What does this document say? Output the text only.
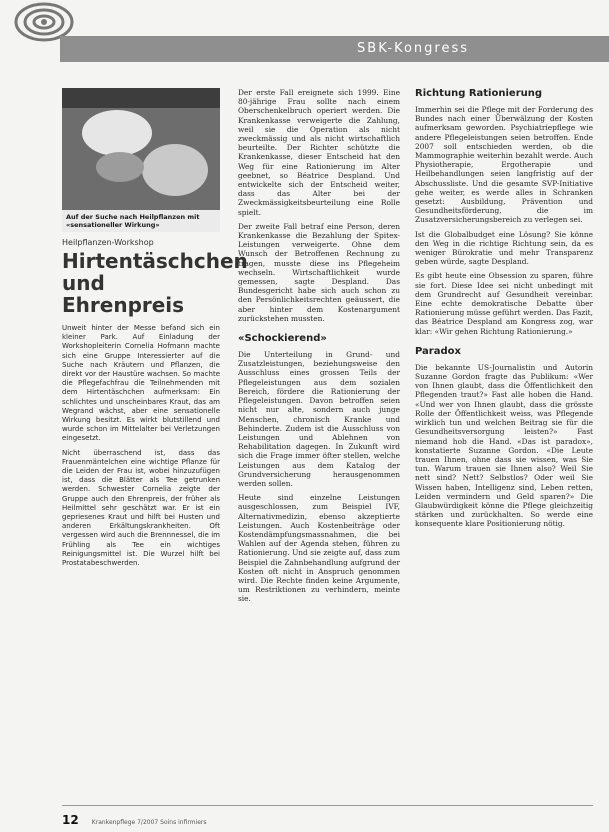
SBK-Kongress
Auf der Suche nach Heilpflanzen mit «sensationeller Wirkung»
Heilpflanzen-Workshop
Hirtentäschchen und Ehrenpreis

Unweit hinter der Messe befand sich ein kleiner Park. Auf Einladung der Workshopleiterin Cornelia Hofmann machte sich eine Gruppe Interessierter auf die Suche nach Kräutern und Pflanzen, die direkt vor der Haustüre wachsen. So machte die Pflegefachfrau die Teilnehmenden mit dem Hirtentäschchen aufmerksam: Ein schlichtes und unscheinbares Kraut, das am Wegrand wächst, aber eine sensationelle Wirkung besitzt. Es wirkt blutstillend und wurde schon im Mittelalter bei Verletzungen eingesetzt.

Nicht überraschend ist, dass das Frauenmäntelchen eine wichtige Pflanze für die Leiden der Frau ist, wobei hinzuzufügen ist, dass die Blätter als Tee getrunken werden. Schwester Cornelia zeigte der Gruppe auch den Ehrenpreis, der früher als Heilmittel sehr geschätzt war. Er ist ein gepriesenes Kraut und hilft bei Husten und anderen Erkältungskrankheiten. Oft vergessen wird auch die Brennnessel, die im Frühling als Tee ein wichtiges Reinigungsmittel ist. Die Wurzel hilft bei Prostatabeschwerden.

Der erste Fall ereignete sich 1999. Eine 80-jährige Frau sollte nach einem Oberschenkelbruch operiert werden. Die Krankenkasse verweigerte die Zahlung, weil sie die Operation als nicht zweckmässig und als nicht wirtschaftlich beurteilte. Der Richter schützte die Krankenkasse, dieser Entscheid hat den Weg für eine Rationierung im Alter geebnet, so Béatrice Despland. Und entwickelte sich der Entscheid weiter, dass das Alter bei der Zweckmässigkeitsbeurteilung eine Rolle spielt.

Der zweite Fall betraf eine Person, deren Krankenkasse die Bezahlung der Spitex-Leistungen verweigerte. Ohne dem Wunsch der Betroffenen Rechnung zu tragen, musste diese ins Pflegeheim wechseln. Wirtschaftlichkeit wurde gemessen, sagte Despland. Das Bundesgericht habe sich auch schon zu den Persönlichkeitsrechten geäussert, die aber hinter dem Kostenargument zurückstehen mussten.

«Schockierend»

Die Unterteilung in Grund- und Zusatzleistungen, beziehungsweise den Ausschluss eines grossen Teils der Pflegeleistungen aus dem sozialen Bereich, fördere die Rationierung der Pflegeleistungen. Davon betroffen seien nicht nur alte, sondern auch junge Menschen, chronisch Kranke und Behinderte. Zudem ist die Ausschluss von Leistungen und Ablehnen von Rehabilitation dagegen. In Zukunft wird sich die Frage immer öfter stellen, welche Leistungen aus dem Katalog der Grundversicherung herausgenommen werden sollen.

Heute sind einzelne Leistungen ausgeschlossen, zum Beispiel IVF, Alternativmedizin, ebenso akzeptierte Leistungen. Auch Kostenbeiträge oder Kostendämpfungsmassnahmen, die bei Wahlen auf der Agenda stehen, führen zu Rationierung. Und sie zeigte auf, dass zum Beispiel die Zahnbehandlung aufgrund der Kosten oft nicht in Anspruch genommen wird. Die Rechte finden keine Argumente, um Restriktionen zu verhindern, meinte sie.

Richtung Rationierung

Immerhin sei die Pflege mit der Forderung des Bundes nach einer Überwälzung der Kosten aufmerksam geworden. Psychiatriepflege wie andere Pflegeleistungen seien betroffen. Ende 2007 soll entschieden werden, ob die Mammographie weiterhin bezahlt werde. Auch Physiotherapie, Ergotherapie und Heilbehandlungen seien langfristig auf der Abschussliste. Und die gesamte SVP-Initiative gehe weiter, es werde alles in Schranken gesetzt: Ausbildung, Prävention und Gesundheitsförderung, die im Zusatzversicherungsbereich zu verlegen sei.

Ist die Globalbudget eine Lösung? Sie könne den Weg in die richtige Richtung sein, da es weniger Bürokratie und mehr Transparenz geben würde, sagte Despland.

Es gibt heute eine Obsession zu sparen, führe sie fort. Diese Idee sei nicht unbedingt mit dem Grundrecht auf Gesundheit vereinbar. Eine echte demokratische Debatte über Rationierung müsse geführt werden. Das Fazit, das Béatrice Despland am Kongress zog, war klar: «Wir gehen Richtung Rationierung.»

Paradox

Die bekannte US-Journalistin und Autorin Suzanne Gordon fragte das Publikum: «Wer von Ihnen glaubt, dass die Öffentlichkeit den Pflegenden traut?» Fast alle hoben die Hand. «Und wer von Ihnen glaubt, dass die grösste Rolle der Öffentlichkeit weiss, was Pflegende wirklich tun und welchen Beitrag sie für die Gesundheitsversorgung leisten?» Fast niemand hob die Hand. «Das ist paradox», konstatierte Suzanne Gordon. «Die Leute trauen Ihnen, ohne dass sie wissen, was Sie tun. Warum trauen sie Ihnen also? Weil Sie nett sind? Nett? Selbstlos? Oder weil Sie Wissen haben, Intelligenz sind, Leben retten, Leiden vermindern und Geld sparen?» Die Glaubwürdigkeit könne die Pflege gleichzeitig stärken und zurückhalten. So werde eine konsequente klare Positionierung nötig.

12 Krankenpflege 7/2007 Soins infirmiers
